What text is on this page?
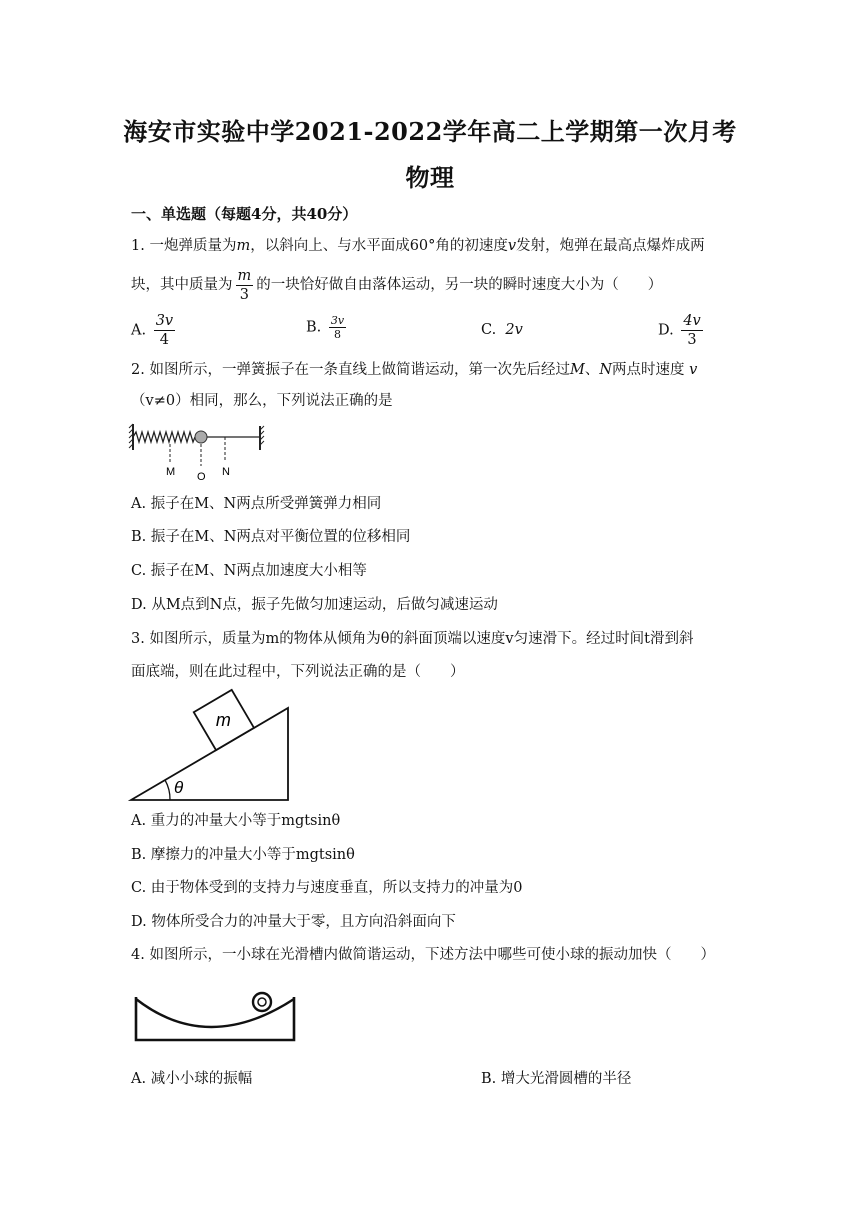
海安市实验中学2021-2022学年高二上学期第一次月考
物理
一、单选题（每题4分，共40分）
1. 一炮弹质量为m，以斜向上、与水平面成60°角的初速度v发射，炮弹在最高点爆炸成两
块，其中质量为 $\frac{m}{3}$ 的一块恰好做自由落体运动，另一块的瞬时速度大小为（　　）
A. $\frac{3v}{4}$	B. $\frac{3v}{8}$	C. 2v	D. $\frac{4v}{3}$
2. 如图所示，一弹簧振子在一条直线上做简谐运动，第一次先后经过M、N两点时速度 v
（v≠0）相同，那么，下列说法正确的是
M O N
A. 振子在M、N两点所受弹簧弹力相同
B. 振子在M、N两点对平衡位置的位移相同
C. 振子在M、N两点加速度大小相等
D. 从M点到N点，振子先做匀加速运动，后做匀减速运动
3. 如图所示，质量为m的物体从倾角为θ的斜面顶端以速度v匀速滑下。经过时间t滑到斜
面底端，则在此过程中，下列说法正确的是（　　）
m
θ
A. 重力的冲量大小等于mgtsinθ
B. 摩擦力的冲量大小等于mgtsinθ
C. 由于物体受到的支持力与速度垂直，所以支持力的冲量为0
D. 物体所受合力的冲量大于零，且方向沿斜面向下
4. 如图所示，一小球在光滑槽内做简谐运动，下述方法中哪些可使小球的振动加快（　　）
A. 减小小球的振幅	B. 增大光滑圆槽的半径
